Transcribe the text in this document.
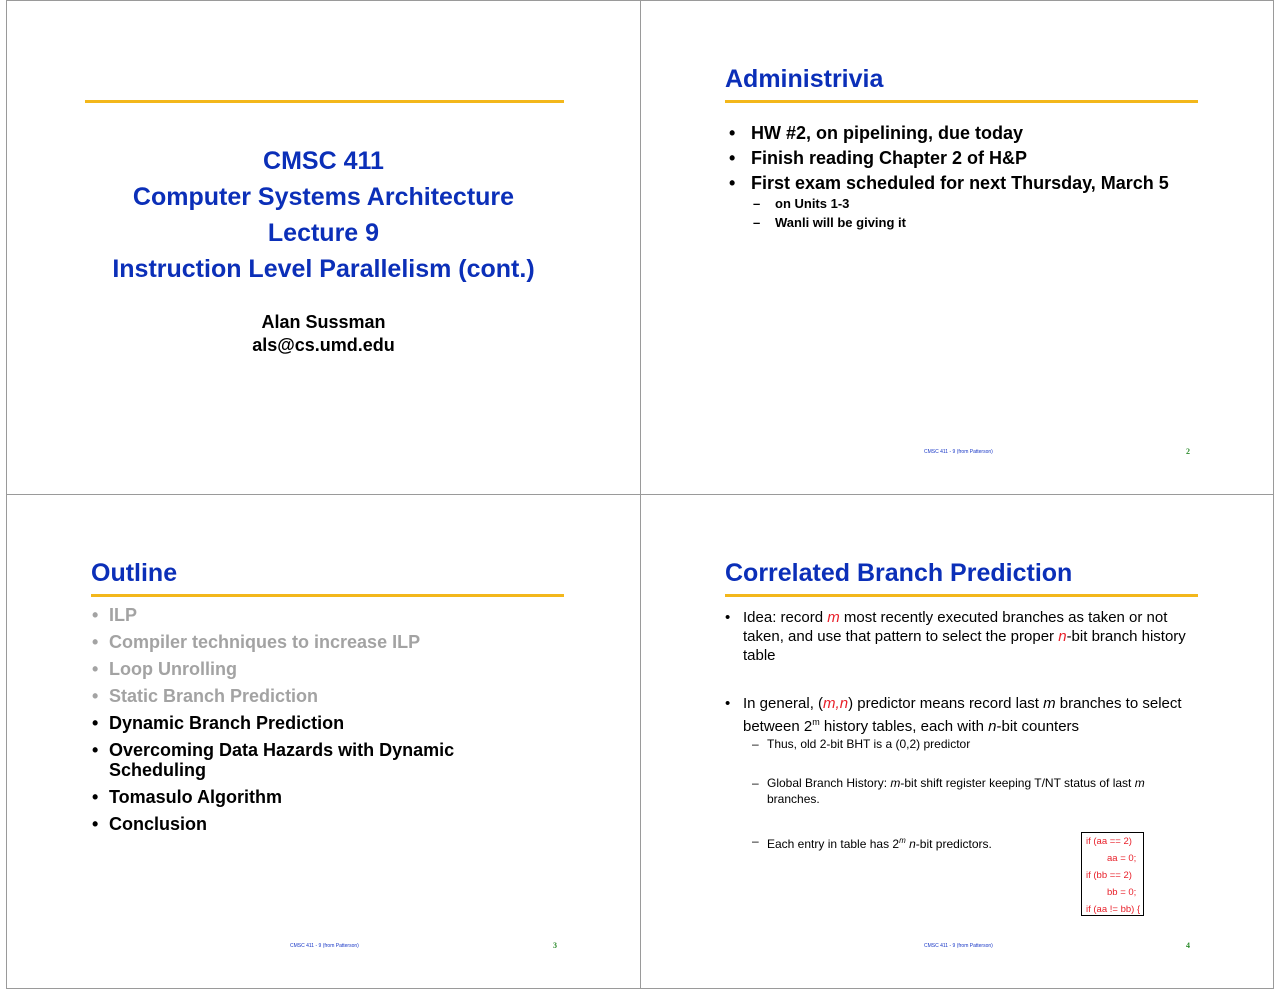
CMSC 411
Computer Systems Architecture
Lecture 9
Instruction Level Parallelism (cont.)
Alan Sussman
als@cs.umd.edu
Administrivia
• HW #2, on pipelining, due today
• Finish reading Chapter 2 of H&P
• First exam scheduled for next Thursday, March 5
– on Units 1-3
– Wanli will be giving it
CMSC 411 - 9 (from Patterson)	2
Outline
• ILP
• Compiler techniques to increase ILP
• Loop Unrolling
• Static Branch Prediction
• Dynamic Branch Prediction
• Overcoming Data Hazards with Dynamic
Scheduling
• Tomasulo Algorithm
• Conclusion
CMSC 411 - 9 (from Patterson)	3
Correlated Branch Prediction
• Idea: record m most recently executed branches as taken or not taken, and use that pattern to select the proper n-bit branch history table
• In general, (m,n) predictor means record last m branches to select between 2$^m$ history tables, each with n-bit counters
– Thus, old 2-bit BHT is a (0,2) predictor
– Global Branch History: m-bit shift register keeping T/NT status of last m branches.
– Each entry in table has 2$^m$ n-bit predictors.	if (aa == 2)
aa = 0;
if (bb == 2)
bb = 0;
if (aa != bb) {
CMSC 411 - 9 (from Patterson)	4
